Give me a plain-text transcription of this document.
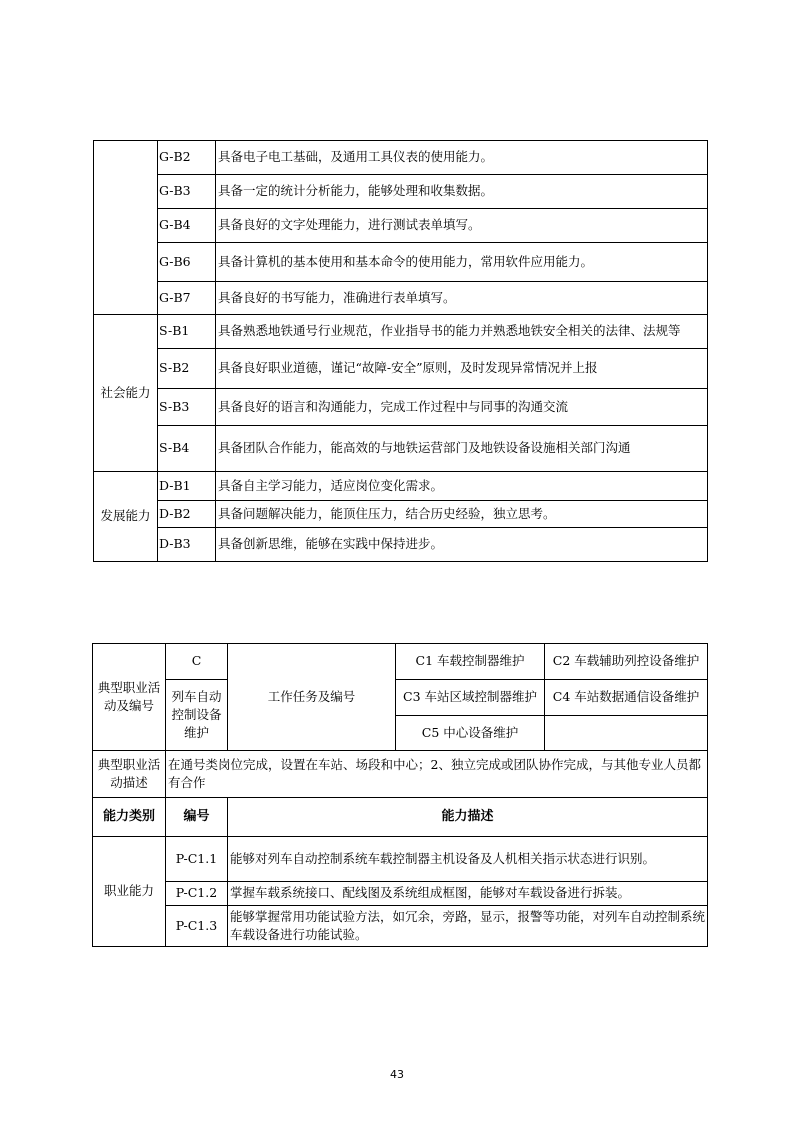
	G-B2	具备电子电工基础，及通用工具仪表的使用能力。
	G-B3	具备一定的统计分析能力，能够处理和收集数据。
	G-B4	具备良好的文字处理能力，进行测试表单填写。
	G-B6	具备计算机的基本使用和基本命令的使用能力，常用软件应用能力。
	G-B7	具备良好的书写能力，准确进行表单填写。
社会能力	S-B1	具备熟悉地铁通号行业规范，作业指导书的能力并熟悉地铁安全相关的法律、法规等
	S-B2	具备良好职业道德，谨记“故障-安全”原则，及时发现异常情况并上报
	S-B3	具备良好的语言和沟通能力，完成工作过程中与同事的沟通交流
	S-B4	具备团队合作能力，能高效的与地铁运营部门及地铁设备设施相关部门沟通
发展能力	D-B1	具备自主学习能力，适应岗位变化需求。
	D-B2	具备问题解决能力，能顶住压力，结合历史经验，独立思考。
	D-B3	具备创新思维，能够在实践中保持进步。
典型职业活动及编号	C	工作任务及编号	C1 车载控制器维护	C2 车载辅助列控设备维护
	列车自动控制设备维护		C3 车站区域控制器维护	C4 车站数据通信设备维护
			C5 中心设备维护	
典型职业活动描述	在通号类岗位完成，设置在车站、场段和中心；2、独立完成或团队协作完成，与其他专业人员都有合作			
能力类别	编号	能力描述		
职业能力	P-C1.1	能够对列车自动控制系统车载控制器主机设备及人机相关指示状态进行识别。		
	P-C1.2	掌握车载系统接口、配线图及系统组成框图，能够对车载设备进行拆装。		
	P-C1.3	能够掌握常用功能试验方法，如冗余，旁路，显示，报警等功能，对列车自动控制系统车载设备进行功能试验。		
43
